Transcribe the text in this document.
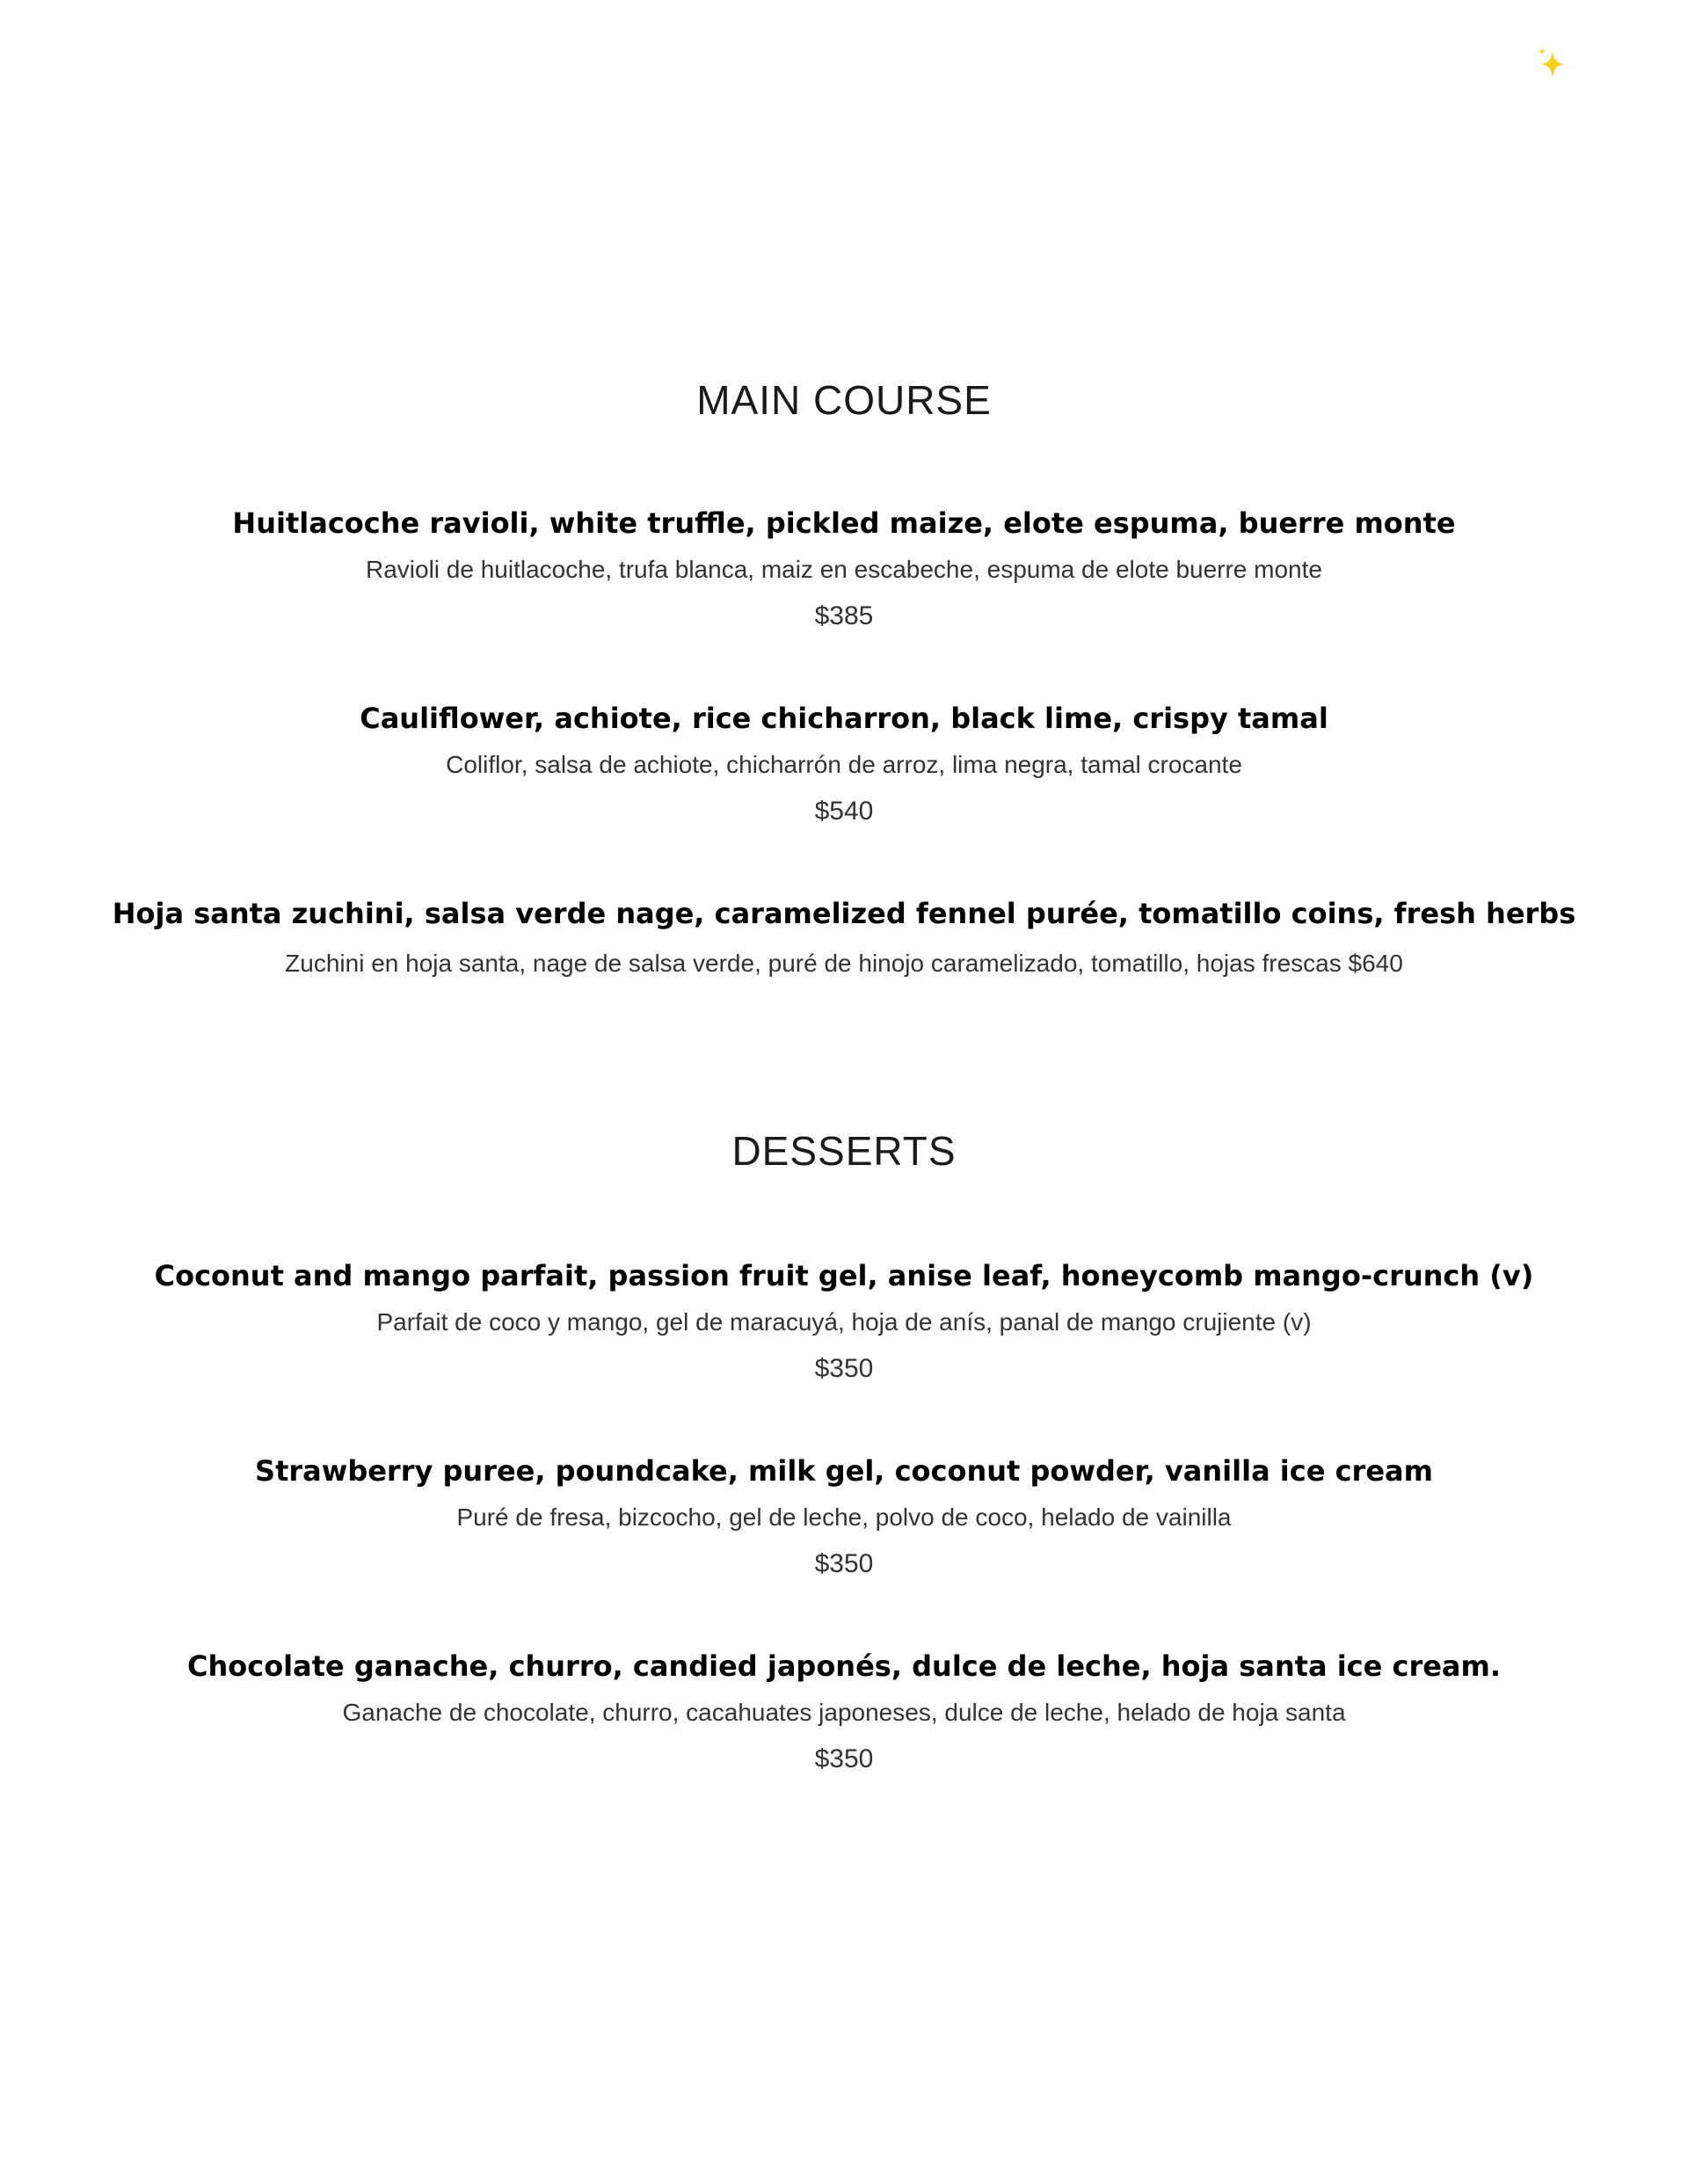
MAIN COURSE

Huitlacoche ravioli, white truffle, pickled maize, elote espuma, buerre monte

Ravioli de huitlacoche, trufa blanca, maiz en escabeche, espuma de elote buerre monte

$385

Cauliflower, achiote, rice chicharron, black lime, crispy tamal

Coliflor, salsa de achiote, chicharrón de arroz, lima negra, tamal crocante

$540

Hoja santa zuchini, salsa verde nage, caramelized fennel purée, tomatillo coins, fresh herbs

Zuchini en hoja santa, nage de salsa verde, puré de hinojo caramelizado, tomatillo, hojas frescas $640

DESSERTS

Coconut and mango parfait, passion fruit gel, anise leaf, honeycomb mango-crunch (v)

Parfait de coco y mango, gel de maracuyá, hoja de anís, panal de mango crujiente (v)

$350

Strawberry puree, poundcake, milk gel, coconut powder, vanilla ice cream

Puré de fresa, bizcocho, gel de leche, polvo de coco, helado de vainilla

$350

Chocolate ganache, churro, candied japonés, dulce de leche, hoja santa ice cream.

Ganache de chocolate, churro, cacahuates japoneses, dulce de leche, helado de hoja santa

$350
